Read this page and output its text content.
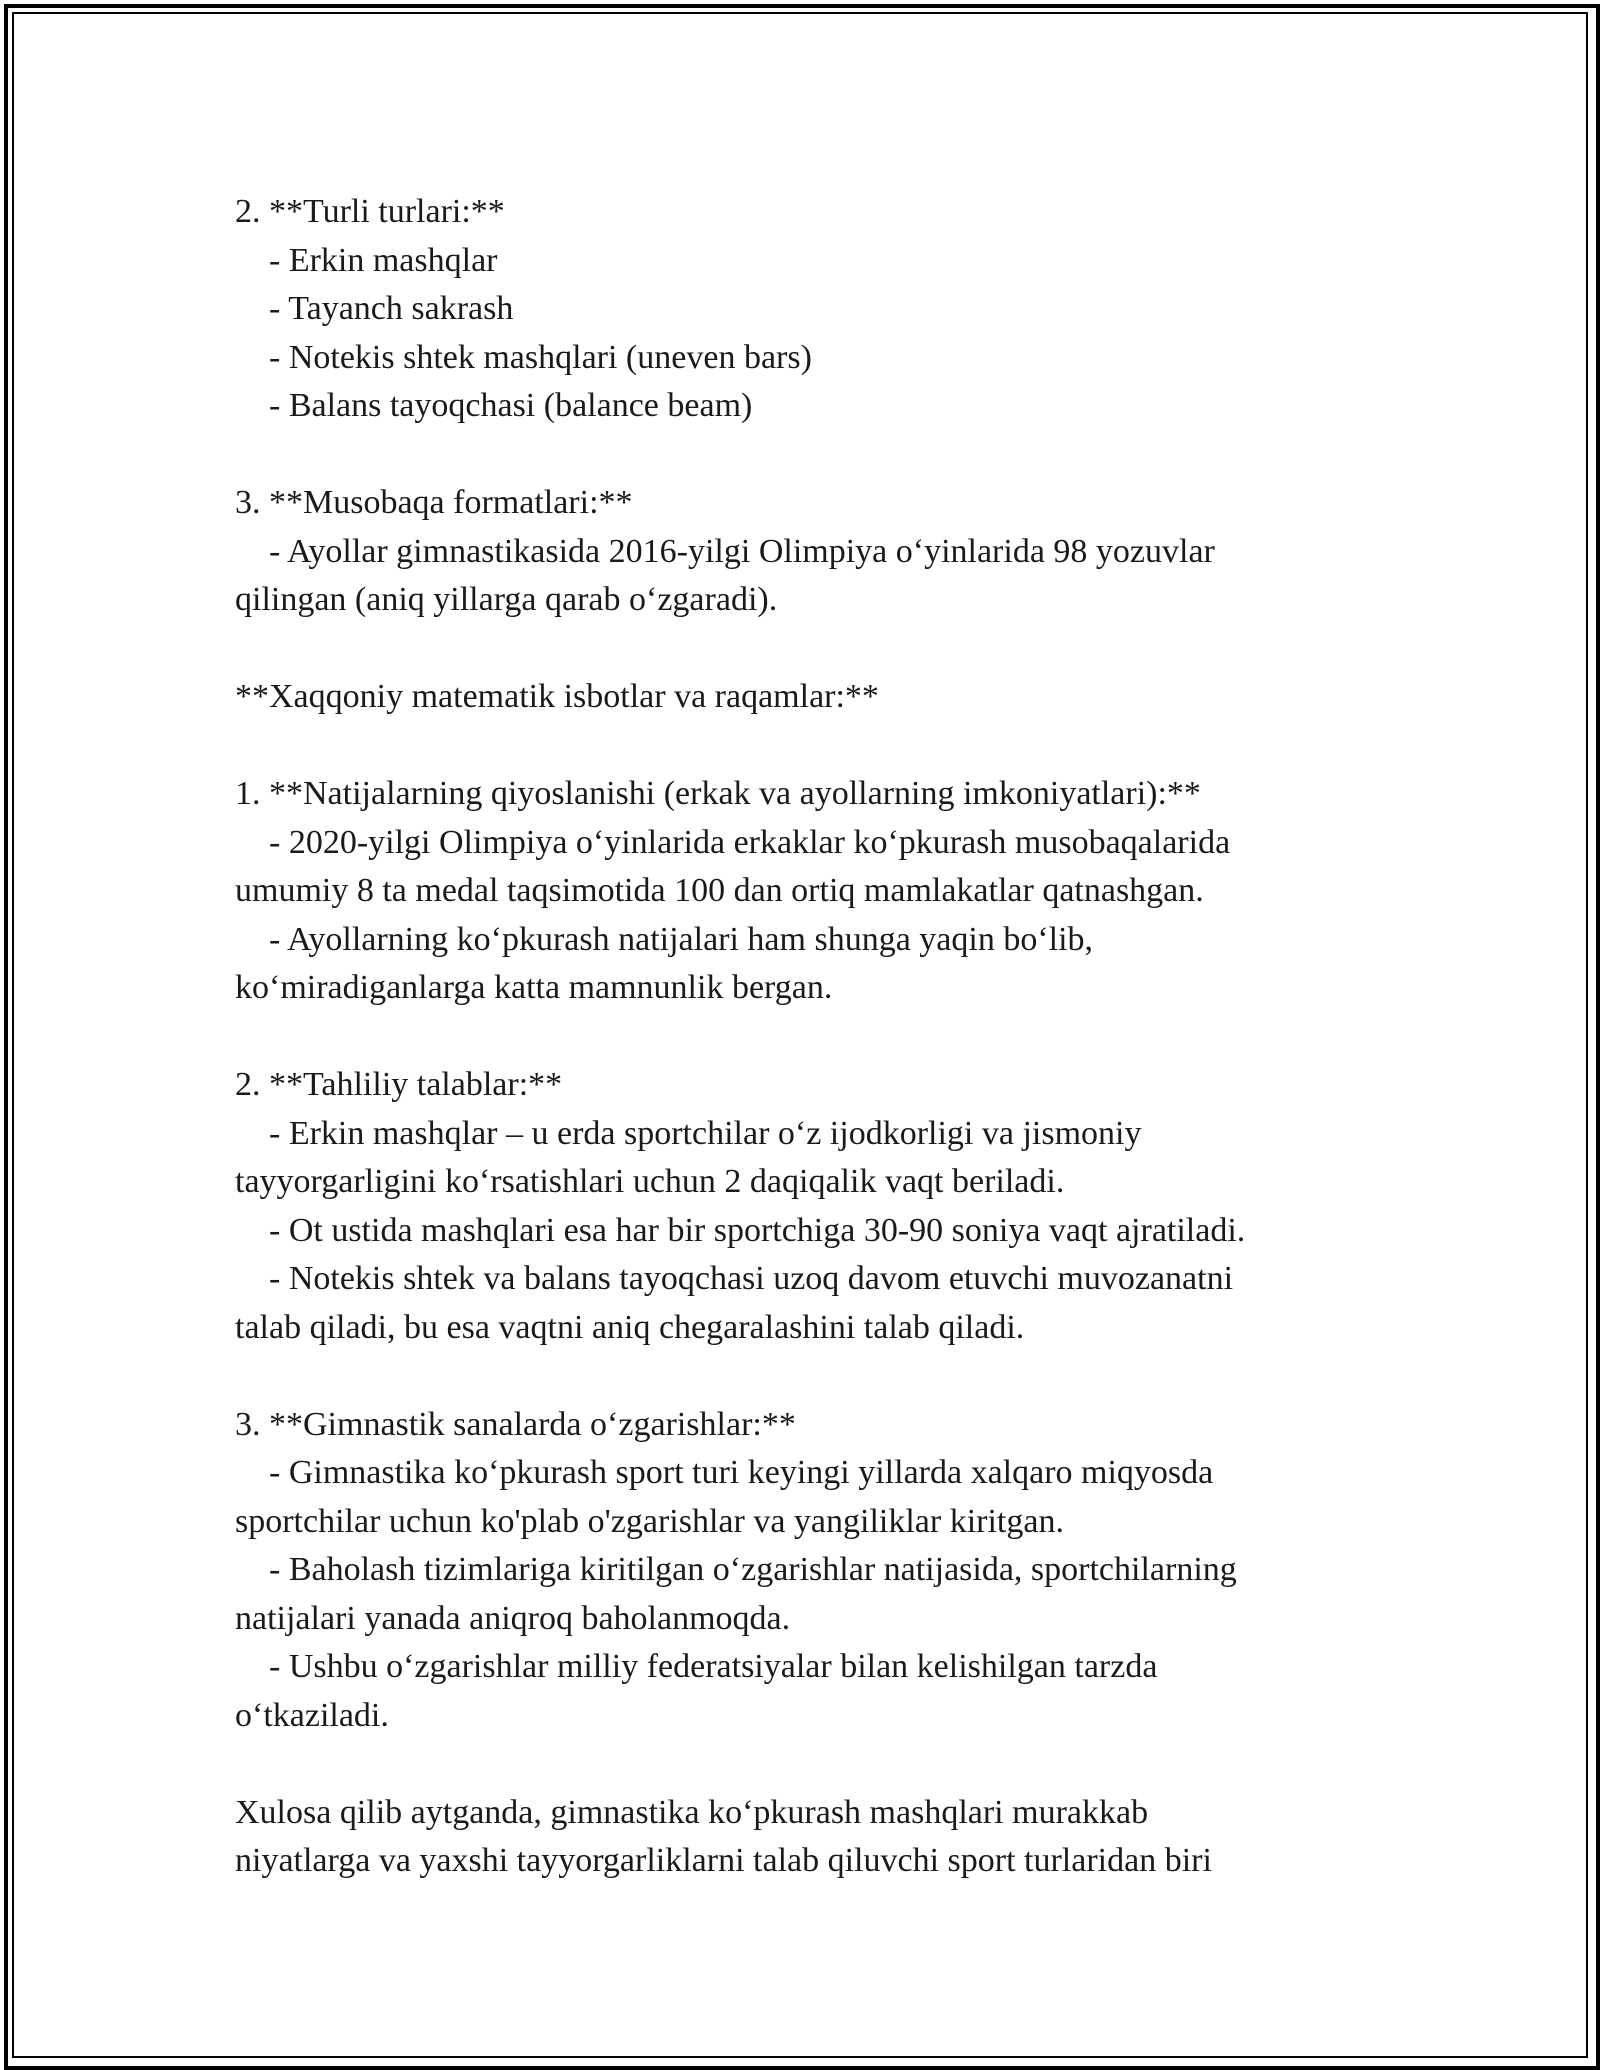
2. **Turli turlari:**
- Erkin mashqlar
- Tayanch sakrash
- Notekis shtek mashqlari (uneven bars)
- Balans tayoqchasi (balance beam)
3. **Musobaqa formatlari:**
- Ayollar gimnastikasida 2016-yilgi Olimpiya o‘yinlarida 98 yozuvlar
qilingan (aniq yillarga qarab o‘zgaradi).
**Xaqqoniy matematik isbotlar va raqamlar:**
1. **Natijalarning qiyoslanishi (erkak va ayollarning imkoniyatlari):**
- 2020-yilgi Olimpiya o‘yinlarida erkaklar ko‘pkurash musobaqalarida
umumiy 8 ta medal taqsimotida 100 dan ortiq mamlakatlar qatnashgan.
- Ayollarning ko‘pkurash natijalari ham shunga yaqin bo‘lib,
ko‘miradiganlarga katta mamnunlik bergan.
2. **Tahliliy talablar:**
- Erkin mashqlar – u erda sportchilar o‘z ijodkorligi va jismoniy
tayyorgarligini ko‘rsatishlari uchun 2 daqiqalik vaqt beriladi.
- Ot ustida mashqlari esa har bir sportchiga 30-90 soniya vaqt ajratiladi.
- Notekis shtek va balans tayoqchasi uzoq davom etuvchi muvozanatni
talab qiladi, bu esa vaqtni aniq chegaralashini talab qiladi.
3. **Gimnastik sanalarda o‘zgarishlar:**
- Gimnastika ko‘pkurash sport turi keyingi yillarda xalqaro miqyosda
sportchilar uchun ko'plab o'zgarishlar va yangiliklar kiritgan.
- Baholash tizimlariga kiritilgan o‘zgarishlar natijasida, sportchilarning
natijalari yanada aniqroq baholanmoqda.
- Ushbu o‘zgarishlar milliy federatsiyalar bilan kelishilgan tarzda
o‘tkaziladi.
Xulosa qilib aytganda, gimnastika ko‘pkurash mashqlari murakkab
niyatlarga va yaxshi tayyorgarliklarni talab qiluvchi sport turlaridan biri
